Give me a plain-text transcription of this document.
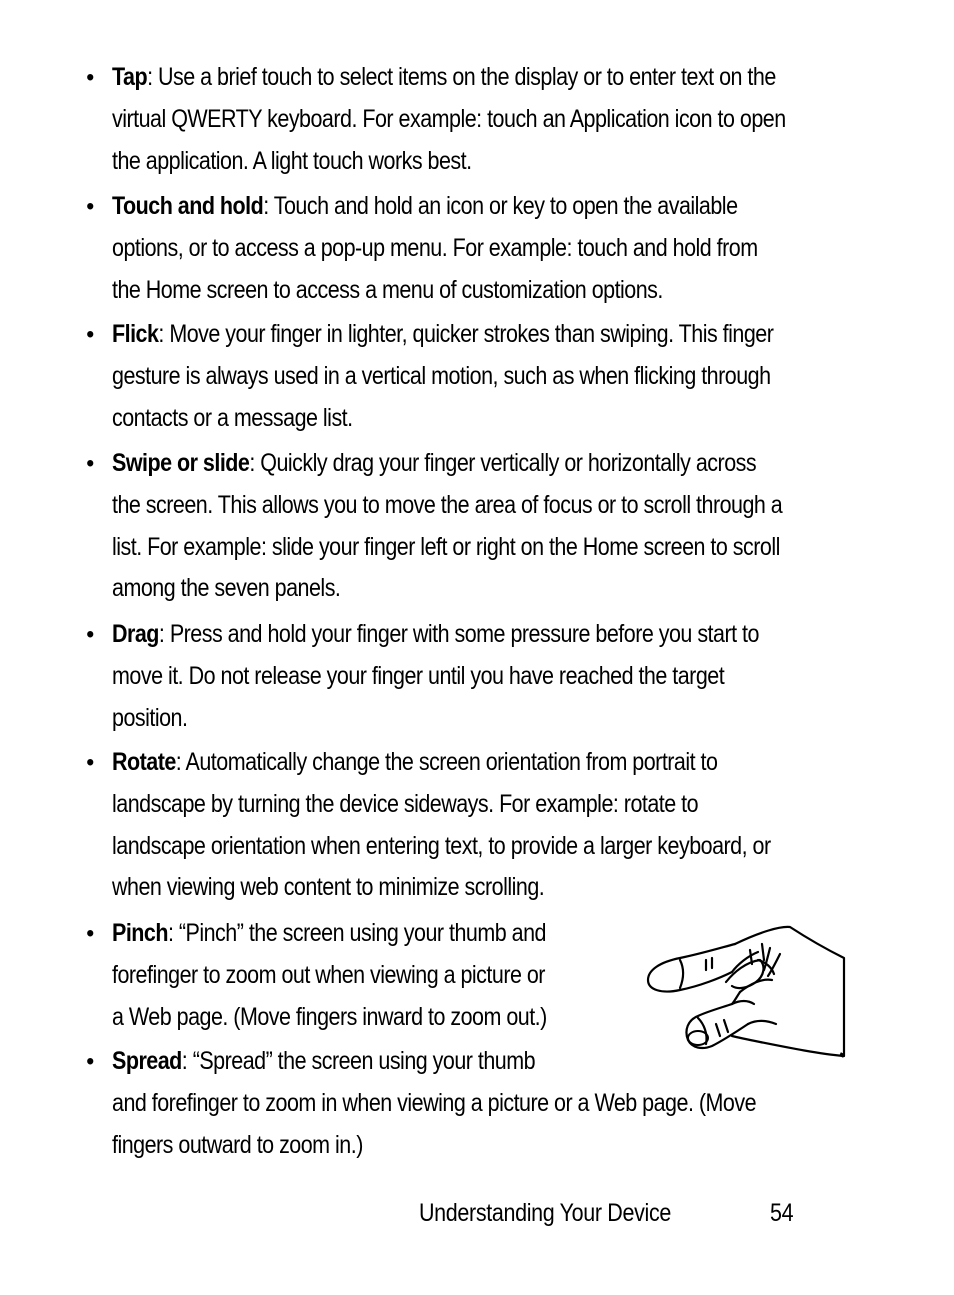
• Tap: Use a brief touch to select items on the display or to enter text on the
virtual QWERTY keyboard. For example: touch an Application icon to open
the application. A light touch works best.
• Touch and hold: Touch and hold an icon or key to open the available
options, or to access a pop-up menu. For example: touch and hold from
the Home screen to access a menu of customization options.
• Flick: Move your finger in lighter, quicker strokes than swiping. This finger
gesture is always used in a vertical motion, such as when flicking through
contacts or a message list.
• Swipe or slide: Quickly drag your finger vertically or horizontally across
the screen. This allows you to move the area of focus or to scroll through a
list. For example: slide your finger left or right on the Home screen to scroll
among the seven panels.
• Drag: Press and hold your finger with some pressure before you start to
move it. Do not release your finger until you have reached the target
position.
• Rotate: Automatically change the screen orientation from portrait to
landscape by turning the device sideways. For example: rotate to
landscape orientation when entering text, to provide a larger keyboard, or
when viewing web content to minimize scrolling.
• Pinch: “Pinch” the screen using your thumb and
forefinger to zoom out when viewing a picture or
a Web page. (Move fingers inward to zoom out.)
• Spread: “Spread” the screen using your thumb
and forefinger to zoom in when viewing a picture or a Web page. (Move
fingers outward to zoom in.)
Understanding Your Device	54
